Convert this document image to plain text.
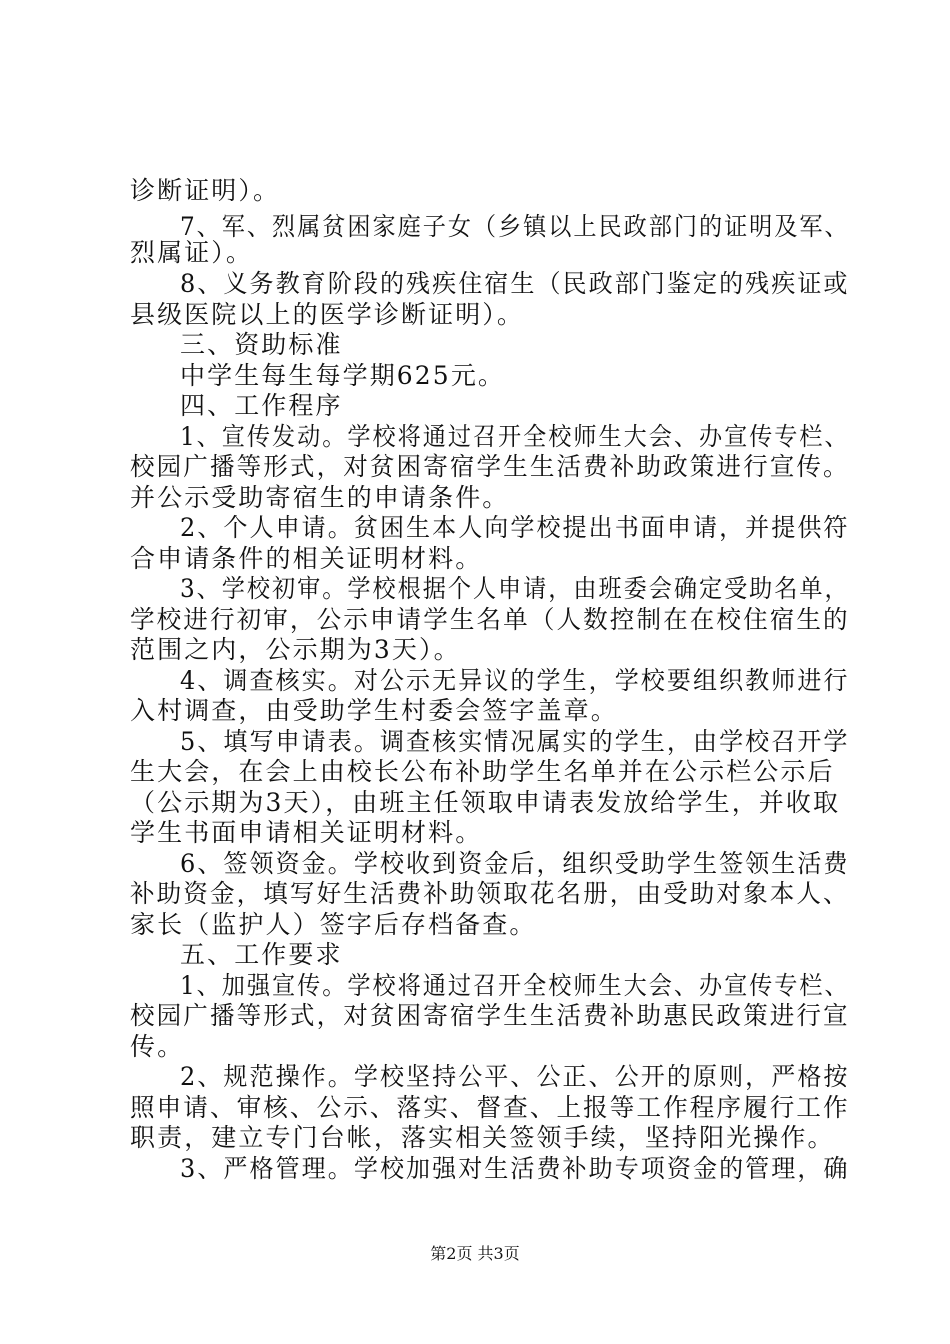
诊断证明）。
7、军、烈属贫困家庭子女（乡镇以上民政部门的证明及军、
烈属证）。
8、义务教育阶段的残疾住宿生（民政部门鉴定的残疾证或
县级医院以上的医学诊断证明）。
三、资助标准
中学生每生每学期625元。
四、工作程序
1、宣传发动。学校将通过召开全校师生大会、办宣传专栏、
校园广播等形式，对贫困寄宿学生生活费补助政策进行宣传。
并公示受助寄宿生的申请条件。
2、个人申请。贫困生本人向学校提出书面申请，并提供符
合申请条件的相关证明材料。
3、学校初审。学校根据个人申请，由班委会确定受助名单，
学校进行初审，公示申请学生名单（人数控制在在校住宿生的
范围之内，公示期为3天）。
4、调查核实。对公示无异议的学生，学校要组织教师进行
入村调查，由受助学生村委会签字盖章。
5、填写申请表。调查核实情况属实的学生，由学校召开学
生大会，在会上由校长公布补助学生名单并在公示栏公示后
（公示期为3天），由班主任领取申请表发放给学生，并收取
学生书面申请相关证明材料。
6、签领资金。学校收到资金后，组织受助学生签领生活费
补助资金，填写好生活费补助领取花名册，由受助对象本人、
家长（监护人）签字后存档备查。
五、工作要求
1、加强宣传。学校将通过召开全校师生大会、办宣传专栏、
校园广播等形式，对贫困寄宿学生生活费补助惠民政策进行宣
传。
2、规范操作。学校坚持公平、公正、公开的原则，严格按
照申请、审核、公示、落实、督查、上报等工作程序履行工作
职责，建立专门台帐，落实相关签领手续，坚持阳光操作。
3、严格管理。学校加强对生活费补助专项资金的管理，确
第2页 共3页
